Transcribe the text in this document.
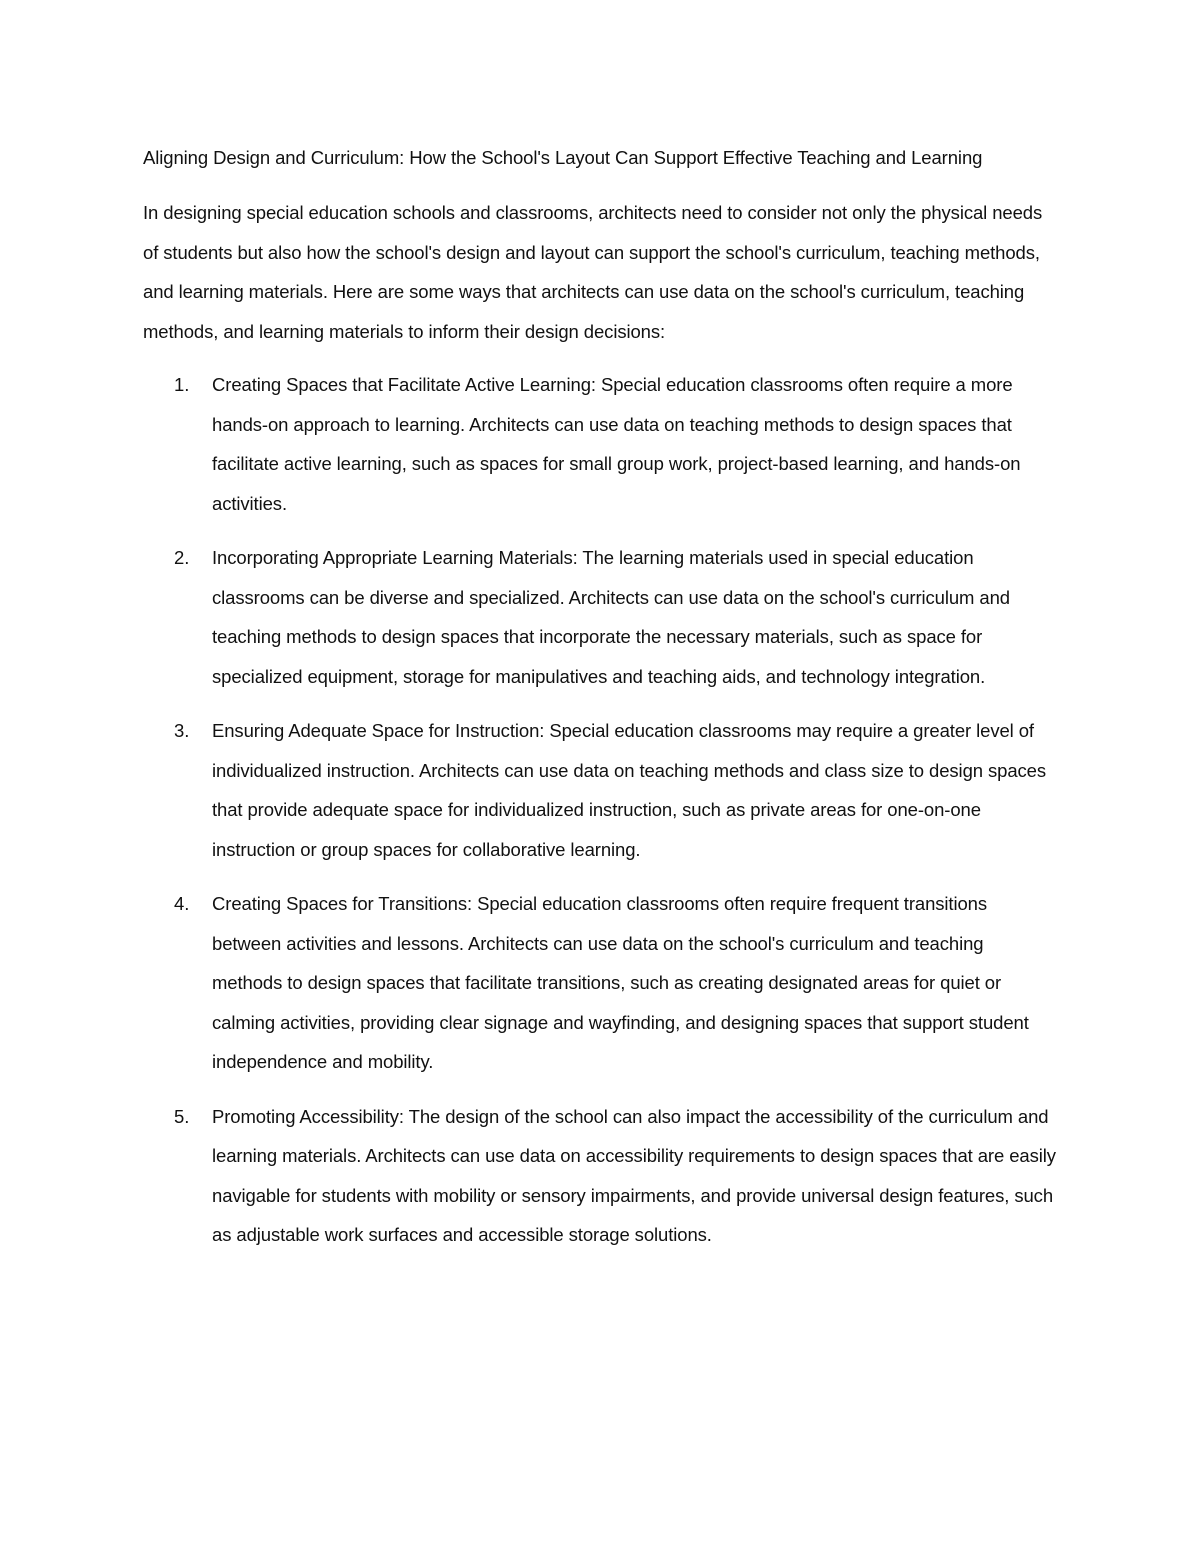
Aligning Design and Curriculum: How the School's Layout Can Support Effective Teaching and Learning

In designing special education schools and classrooms, architects need to consider not only the physical needs of students but also how the school's design and layout can support the school's curriculum, teaching methods, and learning materials. Here are some ways that architects can use data on the school's curriculum, teaching methods, and learning materials to inform their design decisions:

1. Creating Spaces that Facilitate Active Learning: Special education classrooms often require a more hands-on approach to learning. Architects can use data on teaching methods to design spaces that facilitate active learning, such as spaces for small group work, project-based learning, and hands-on activities.
2. Incorporating Appropriate Learning Materials: The learning materials used in special education classrooms can be diverse and specialized. Architects can use data on the school's curriculum and teaching methods to design spaces that incorporate the necessary materials, such as space for specialized equipment, storage for manipulatives and teaching aids, and technology integration.
3. Ensuring Adequate Space for Instruction: Special education classrooms may require a greater level of individualized instruction. Architects can use data on teaching methods and class size to design spaces that provide adequate space for individualized instruction, such as private areas for one-on-one instruction or group spaces for collaborative learning.
4. Creating Spaces for Transitions: Special education classrooms often require frequent transitions between activities and lessons. Architects can use data on the school's curriculum and teaching methods to design spaces that facilitate transitions, such as creating designated areas for quiet or calming activities, providing clear signage and wayfinding, and designing spaces that support student independence and mobility.
5. Promoting Accessibility: The design of the school can also impact the accessibility of the curriculum and learning materials. Architects can use data on accessibility requirements to design spaces that are easily navigable for students with mobility or sensory impairments, and provide universal design features, such as adjustable work surfaces and accessible storage solutions.
